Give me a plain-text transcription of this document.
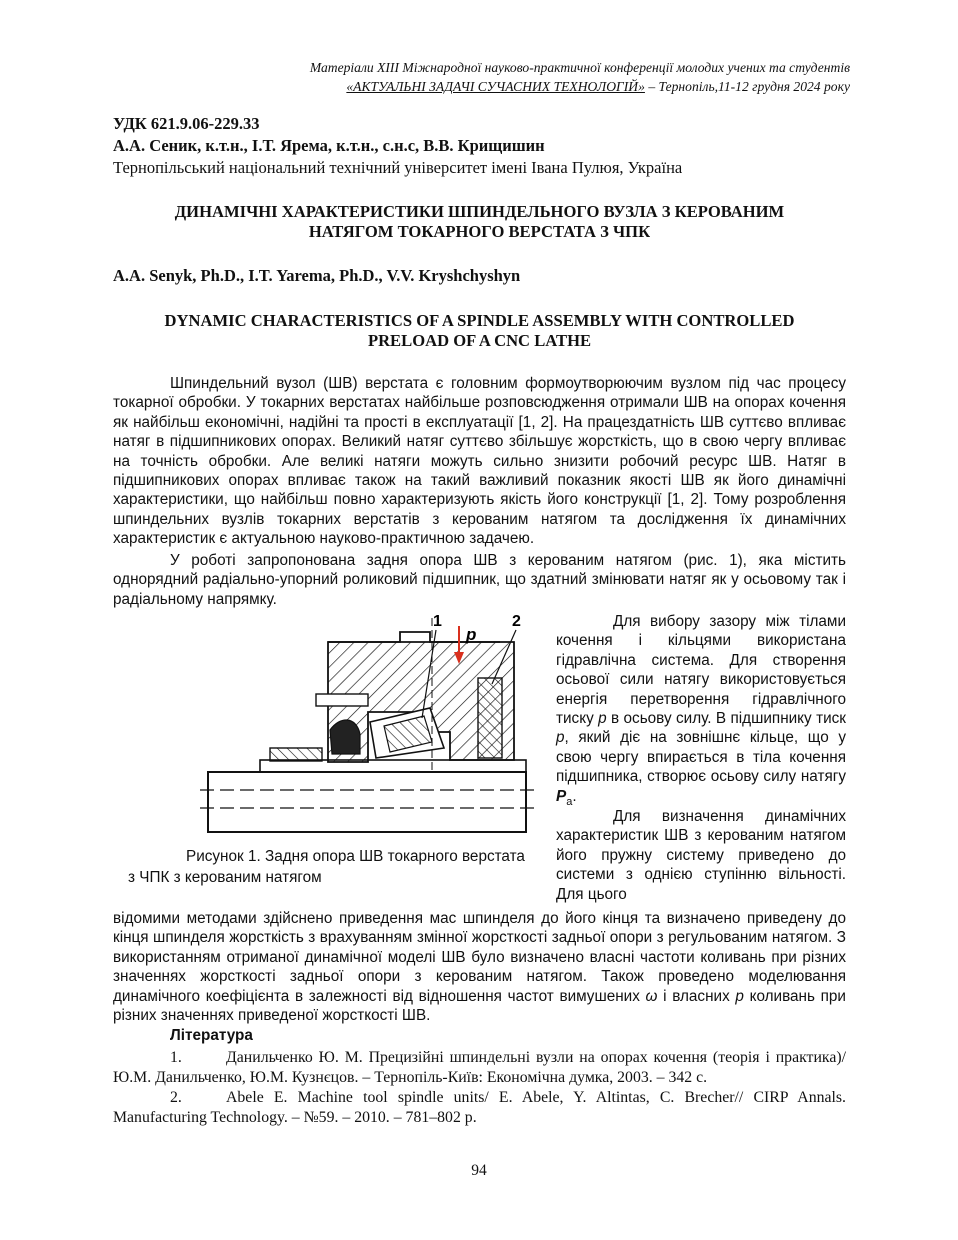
Матеріали XIІІ Міжнародної науково-практичної конференції молодих учених та студентів
«АКТУАЛЬНІ ЗАДАЧІ СУЧАСНИХ ТЕХНОЛОГІЙ» – Тернопіль,11-12 грудня 2024 року
УДК 621.9.06-229.33
А.А. Сеник, к.т.н., І.Т. Ярема, к.т.н., с.н.с, В.В. Крищишин
Тернопільський національний технічний університет імені Івана Пулюя, Україна
ДИНАМІЧНІ ХАРАКТЕРИСТИКИ ШПИНДЕЛЬНОГО ВУЗЛА З КЕРОВАНИМ
НАТЯГОМ ТОКАРНОГО ВЕРСТАТА З ЧПК
A.A. Senyk, Ph.D., I.T. Yarema, Ph.D., V.V. Kryshchyshyn
DYNAMIC CHARACTERISTICS OF A SPINDLE ASSEMBLY WITH CONTROLLED
PRELOAD OF A CNC LATHE
Шпиндельний вузол (ШВ) верстата є головним формоутворюючим вузлом під час процесу токарної обробки. У токарних верстатах найбільше розповсюдження отримали ШВ на опорах кочення як найбільш економічні, надійні та прості в експлуатації [1, 2]. На працездатність ШВ суттєво впливає натяг в підшипникових опорах. Великий натяг суттєво збільшує жорсткість, що в свою чергу впливає на точність обробки. Але великі натяги можуть сильно знизити робочий ресурс ШВ. Натяг в підшипникових опорах впливає також на такий важливий показник якості ШВ як його динамічні характеристики, що найбільш повно характеризують якість його конструкції [1, 2]. Тому розроблення шпиндельних вузлів токарних верстатів з керованим натягом та дослідження їх динамічних характеристик є актуальною науково-практичною задачею.
У роботі запропонована задня опора ШВ з керованим натягом (рис. 1), яка містить однорядний радіально-упорний роликовий підшипник, що здатний змінювати натяг як у осьовому так і радіальному напрямку.
1
p
2
Рисунок 1. Задня опора ШВ токарного верстата
з ЧПК з керованим натягом
Для вибору зазору між тілами кочення і кільцями використана гідравлічна система. Для створення осьової сили натягу використовується енергія перетворення гідравлічного тиску p в осьову силу. В підшипнику тиск p, який діє на зовнішнє кільце, що у свою чергу впирається в тіла кочення підшипника, створює осьову силу натягу $P_a$.
Для визначення динамічних характеристик ШВ з керованим натягом його пружну систему приведено до системи з однією ступінню вільності. Для цього
відомими методами здійснено приведення мас шпинделя до його кінця та визначено приведену до кінця шпинделя жорсткість з врахуванням змінної жорсткості задньої опори з регульованим натягом. З використанням отриманої динамічної моделі ШВ було визначено власні частоти коливань при різних значеннях жорсткості задньої опори з керованим натягом. Також проведено моделювання динамічного коефіцієнта в залежності від відношення частот вимушених ω і власних p коливань при різних значеннях приведеної жорсткості ШВ.
Література
1.	Данильченко Ю. М. Прецизійні шпиндельні вузли на опорах кочення (теорія і практика)/ Ю.М. Данильченко, Ю.М. Кузнєцов. – Тернопіль-Київ: Економічна думка, 2003. – 342 с.
2.	Abele E. Machine tool spindle units/ E. Abele, Y. Altintas, C. Brecher// CIRP Annals. Manufacturing Technology. – №59. – 2010. – 781–802 p.
94
